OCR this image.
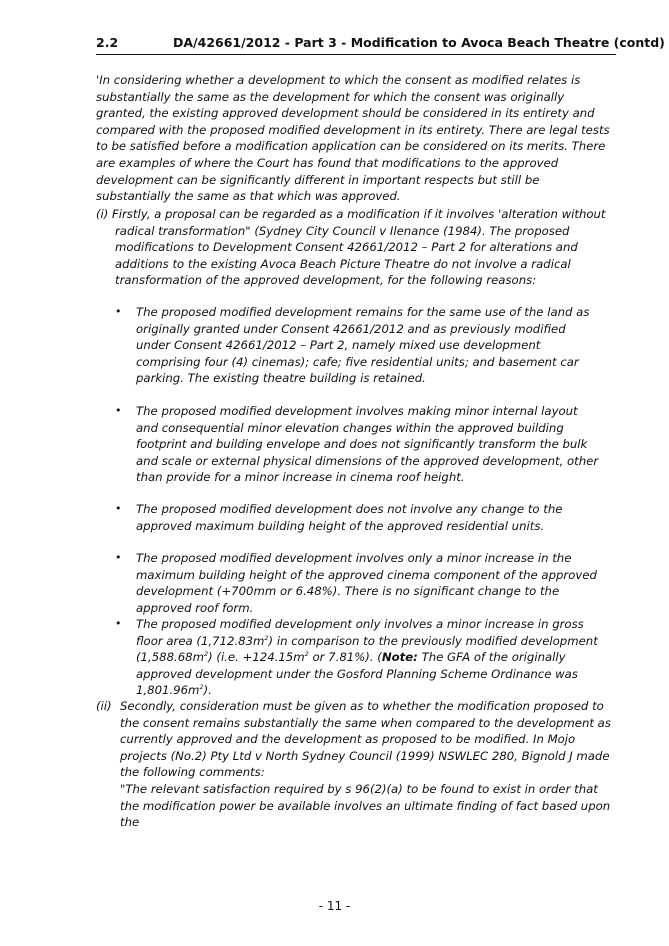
2.2	DA/42661/2012 - Part 3 - Modification to Avoca Beach Theatre (contd)
'In considering whether a development to which the consent as modified relates is substantially the same as the development for which the consent was originally granted, the existing approved development should be considered in its entirety and compared with the proposed modified development in its entirety. There are legal tests to be satisfied before a modification application can be considered on its merits. There are examples of where the Court has found that modifications to the approved development can be significantly different in important respects but still be substantially the same as that which was approved.
(i) Firstly, a proposal can be regarded as a modification if it involves 'alteration without radical transformation" (Sydney City Council v Ilenance (1984). The proposed modifications to Development Consent 42661/2012 – Part 2 for alterations and additions to the existing Avoca Beach Picture Theatre do not involve a radical transformation of the approved development, for the following reasons:
• The proposed modified development remains for the same use of the land as originally granted under Consent 42661/2012 and as previously modified under Consent 42661/2012 – Part 2, namely mixed use development comprising four (4) cinemas); cafe; five residential units; and basement car parking. The existing theatre building is retained.
• The proposed modified development involves making minor internal layout and consequential minor elevation changes within the approved building footprint and building envelope and does not significantly transform the bulk and scale or external physical dimensions of the approved development, other than provide for a minor increase in cinema roof height.
• The proposed modified development does not involve any change to the approved maximum building height of the approved residential units.
• The proposed modified development involves only a minor increase in the maximum building height of the approved cinema component of the approved development (+700mm or 6.48%). There is no significant change to the approved roof form.
• The proposed modified development only involves a minor increase in gross floor area $(1,712.83m^2)$ in comparison to the previously modified development $(1,588.68m^2)$ (i.e. $+124.15m^2$ or 7.81%). (Note: The GFA of the originally approved development under the Gosford Planning Scheme Ordinance was $1,801.96m^2$).
(ii) Secondly, consideration must be given as to whether the modification proposed to the consent remains substantially the same when compared to the development as currently approved and the development as proposed to be modified. In Mojo projects (No.2) Pty Ltd v North Sydney Council (1999) NSWLEC 280, Bignold J made the following comments:
"The relevant satisfaction required by s 96(2)(a) to be found to exist in order that the modification power be available involves an ultimate finding of fact based upon the
- 11 -
